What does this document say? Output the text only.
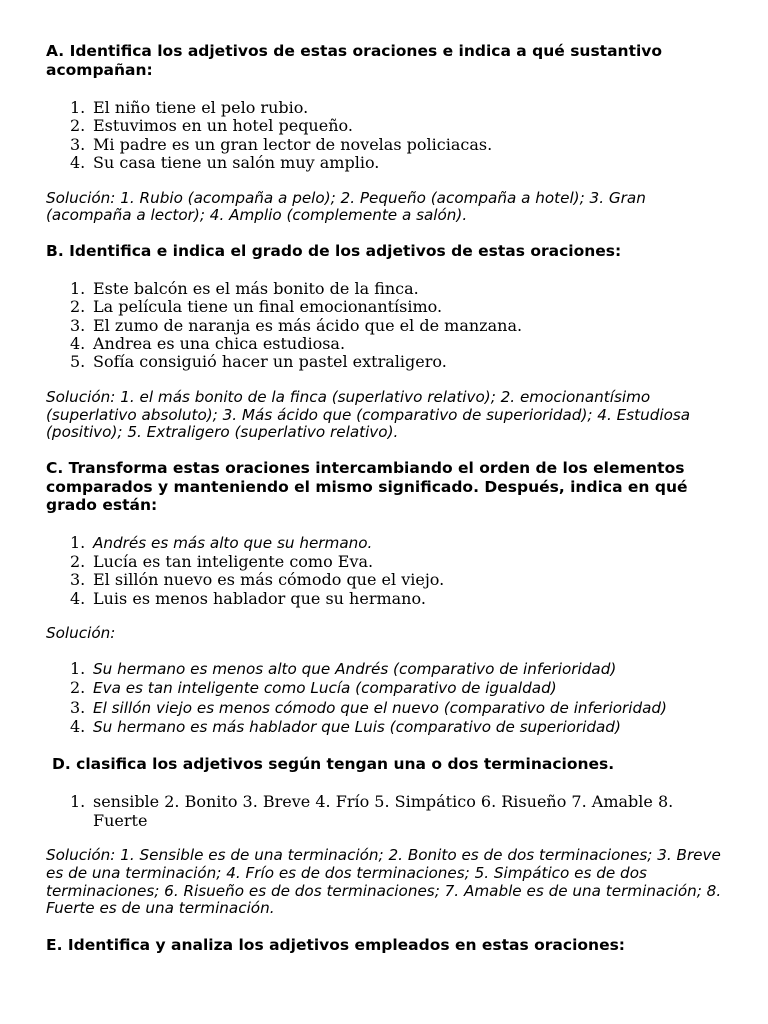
A. Identifica los adjetivos de estas oraciones e indica a qué sustantivo acompañan:

1. El niño tiene el pelo rubio.
2. Estuvimos en un hotel pequeño.
3. Mi padre es un gran lector de novelas policiacas.
4. Su casa tiene un salón muy amplio.

Solución: 1. Rubio (acompaña a pelo); 2. Pequeño (acompaña a hotel); 3. Gran (acompaña a lector); 4. Amplio (complemente a salón).

B. Identifica e indica el grado de los adjetivos de estas oraciones:

1. Este balcón es el más bonito de la finca.
2. La película tiene un final emocionantísimo.
3. El zumo de naranja es más ácido que el de manzana.
4. Andrea es una chica estudiosa.
5. Sofía consiguió hacer un pastel extraligero.

Solución: 1. el más bonito de la finca (superlativo relativo); 2. emocionantísimo (superlativo absoluto); 3. Más ácido que (comparativo de superioridad); 4. Estudiosa (positivo); 5. Extraligero (superlativo relativo).

C. Transforma estas oraciones intercambiando el orden de los elementos comparados y manteniendo el mismo significado. Después, indica en qué grado están:

1. Andrés es más alto que su hermano.
2. Lucía es tan inteligente como Eva.
3. El sillón nuevo es más cómodo que el viejo.
4. Luis es menos hablador que su hermano.

Solución:

1. Su hermano es menos alto que Andrés (comparativo de inferioridad)
2. Eva es tan inteligente como Lucía (comparativo de igualdad)
3. El sillón viejo es menos cómodo que el nuevo (comparativo de inferioridad)
4. Su hermano es más hablador que Luis (comparativo de superioridad)

D. clasifica los adjetivos según tengan una o dos terminaciones.

1. sensible 2. Bonito 3. Breve 4. Frío 5. Simpático 6. Risueño 7. Amable 8. Fuerte

Solución: 1. Sensible es de una terminación; 2. Bonito es de dos terminaciones; 3. Breve es de una terminación; 4. Frío es de dos terminaciones; 5. Simpático es de dos terminaciones; 6. Risueño es de dos terminaciones; 7. Amable es de una terminación; 8. Fuerte es de una terminación.

E. Identifica y analiza los adjetivos empleados en estas oraciones:
